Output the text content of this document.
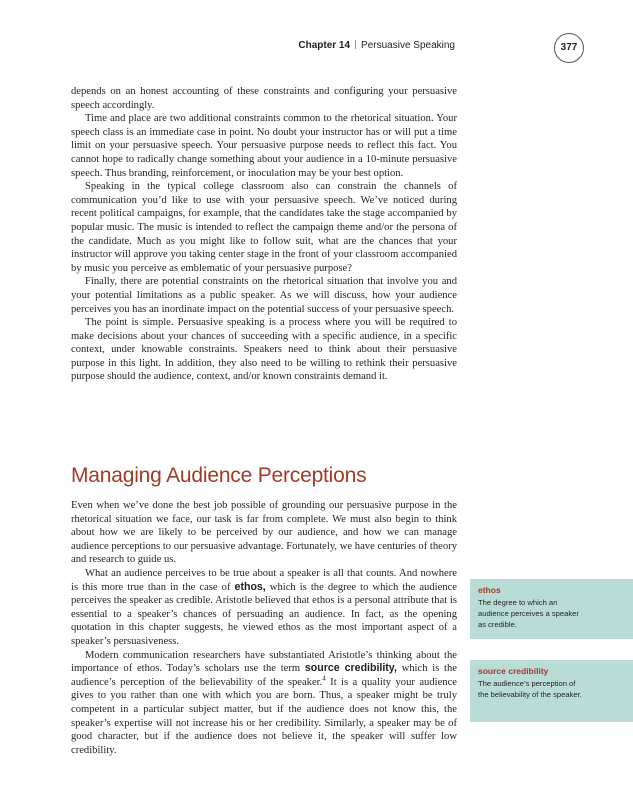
Chapter 14 Persuasive Speaking	377

depends on an honest accounting of these constraints and configuring your persuasive speech accordingly.

Time and place are two additional constraints common to the rhetorical situation. Your speech class is an immediate case in point. No doubt your instructor has or will put a time limit on your persuasive speech. Your persuasive purpose needs to reflect this fact. You cannot hope to radically change something about your audience in a 10-minute persuasive speech. Thus branding, reinforcement, or inoculation may be your best option.

Speaking in the typical college classroom also can constrain the channels of communication you’d like to use with your persuasive speech. We’ve noticed during recent political campaigns, for example, that the candidates take the stage accompanied by popular music. The music is intended to reflect the campaign theme and/or the persona of the candidate. Much as you might like to follow suit, what are the chances that your instructor will approve you taking center stage in the front of your classroom accompanied by music you perceive as emblematic of your persuasive purpose?

Finally, there are potential constraints on the rhetorical situation that involve you and your potential limitations as a public speaker. As we will discuss, how your audience perceives you has an inordinate impact on the potential success of your persuasive speech.

The point is simple. Persuasive speaking is a process where you will be required to make decisions about your chances of succeeding with a specific audience, in a specific context, under knowable constraints. Speakers need to think about their persuasive purpose in this light. In addition, they also need to be willing to rethink their persuasive purpose should the audience, context, and/or known constraints demand it.

Managing Audience Perceptions

Even when we’ve done the best job possible of grounding our persuasive purpose in the rhetorical situation we face, our task is far from complete. We must also begin to think about how we are likely to be perceived by our audience, and how we can manage audience perceptions to our persuasive advantage. Fortunately, we have centuries of theory and research to guide us.

What an audience perceives to be true about a speaker is all that counts. And nowhere is this more true than in the case of ethos, which is the degree to which the audience perceives the speaker as credible. Aristotle believed that ethos is a personal attribute that is essential to a speaker’s chances of persuading an audience. In fact, as the opening quotation in this chapter suggests, he viewed ethos as the most important aspect of a speaker’s persuasiveness.

Modern communication researchers have substantiated Aristotle’s thinking about the importance of ethos. Today’s scholars use the term source credibility, which is the audience’s perception of the believability of the speaker.$^4$ It is a quality your audience gives to you rather than one with which you are born. Thus, a speaker might be truly competent in a particular subject matter, but if the audience does not know this, the speaker’s expertise will not increase his or her credibility. Similarly, a speaker may be of good character, but if the audience does not believe it, the speaker will suffer low credibility.

ethos
The degree to which an audience perceives a speaker as credible.
source credibility
The audience’s perception of the believability of the speaker.
